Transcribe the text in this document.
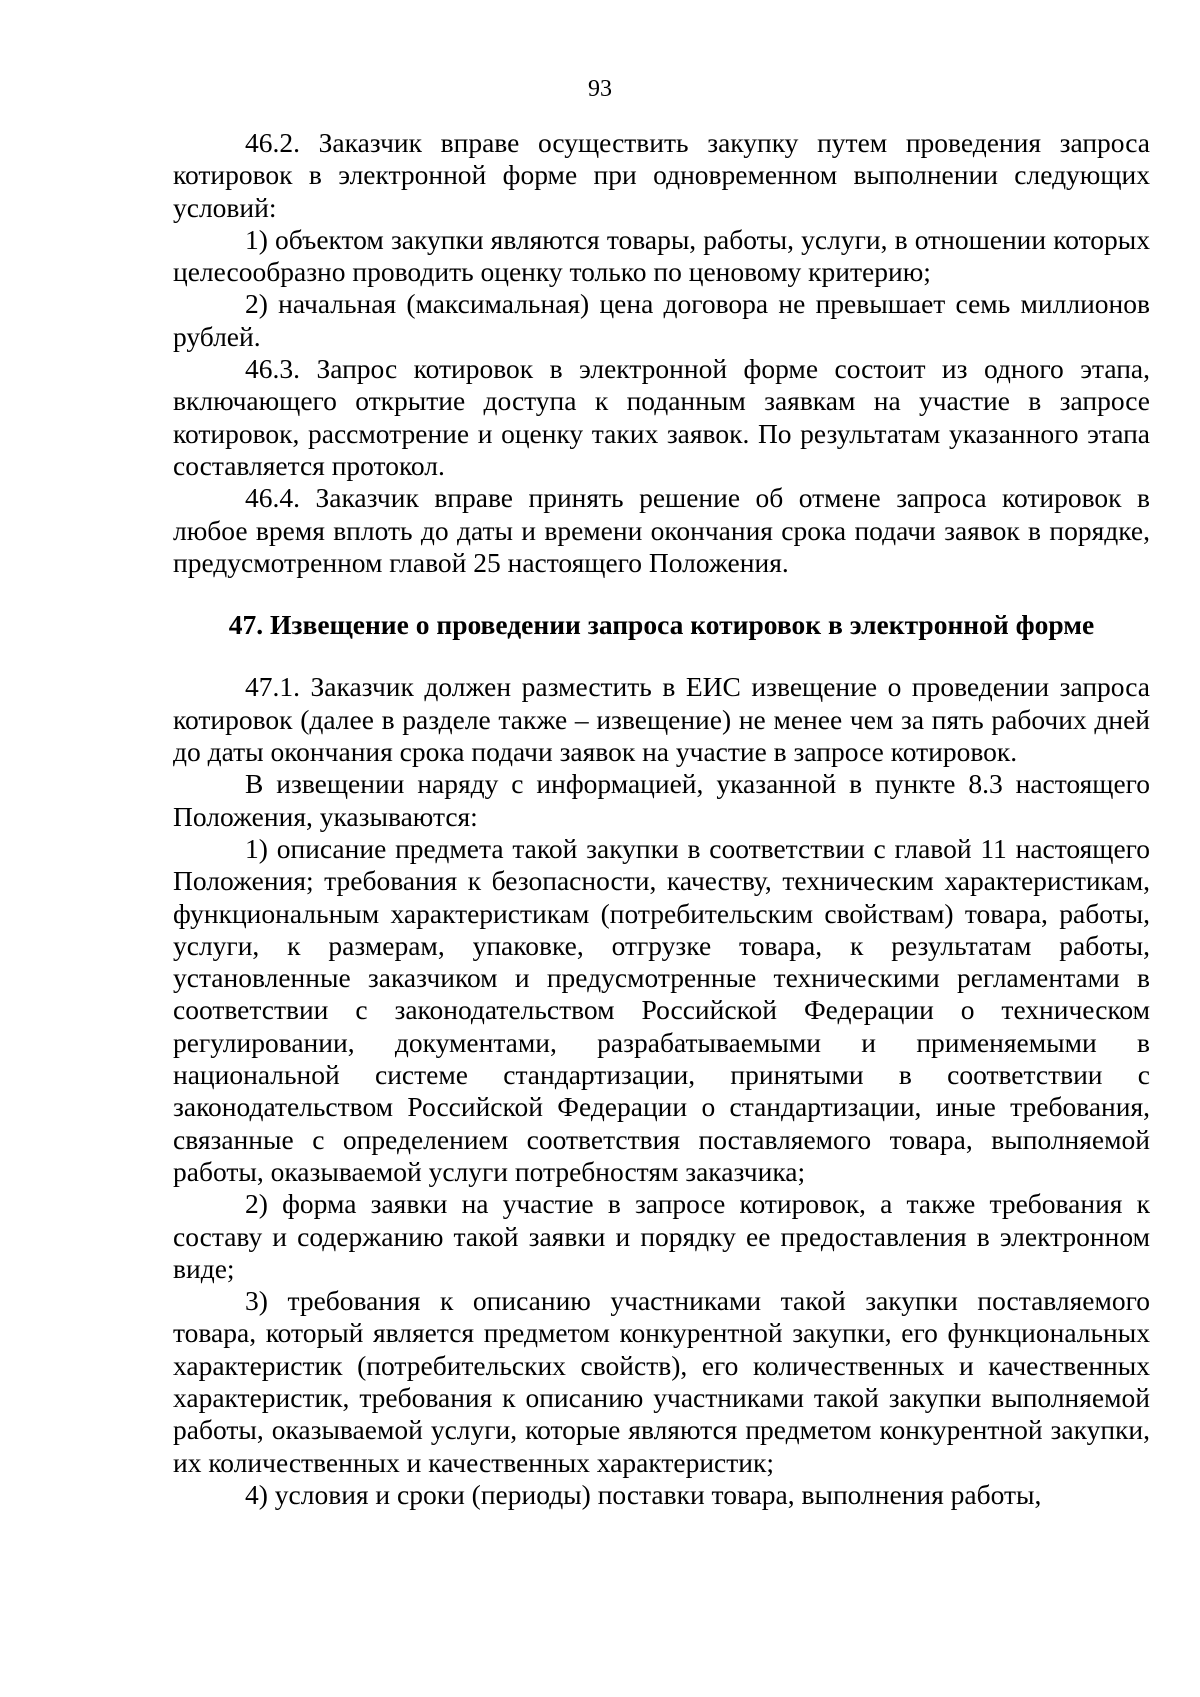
93

46.2. Заказчик вправе осуществить закупку путем проведения запроса котировок в электронной форме при одновременном выполнении следующих условий:

1) объектом закупки являются товары, работы, услуги, в отношении которых целесообразно проводить оценку только по ценовому критерию;

2) начальная (максимальная) цена договора не превышает семь миллионов рублей.

46.3. Запрос котировок в электронной форме состоит из одного этапа, включающего открытие доступа к поданным заявкам на участие в запросе котировок, рассмотрение и оценку таких заявок. По результатам указанного этапа составляется протокол.

46.4. Заказчик вправе принять решение об отмене запроса котировок в любое время вплоть до даты и времени окончания срока подачи заявок в порядке, предусмотренном главой 25 настоящего Положения.

47. Извещение о проведении запроса котировок в электронной форме

47.1. Заказчик должен разместить в ЕИС извещение о проведении запроса котировок (далее в разделе также – извещение) не менее чем за пять рабочих дней до даты окончания срока подачи заявок на участие в запросе котировок.

В извещении наряду с информацией, указанной в пункте 8.3 настоящего Положения, указываются:

1) описание предмета такой закупки в соответствии с главой 11 настоящего Положения; требования к безопасности, качеству, техническим характеристикам, функциональным характеристикам (потребительским свойствам) товара, работы, услуги, к размерам, упаковке, отгрузке товара, к результатам работы, установленные заказчиком и предусмотренные техническими регламентами в соответствии с законодательством Российской Федерации о техническом регулировании, документами, разрабатываемыми и применяемыми в национальной системе стандартизации, принятыми в соответствии с законодательством Российской Федерации о стандартизации, иные требования, связанные с определением соответствия поставляемого товара, выполняемой работы, оказываемой услуги потребностям заказчика;

2) форма заявки на участие в запросе котировок, а также требования к составу и содержанию такой заявки и порядку ее предоставления в электронном виде;

3) требования к описанию участниками такой закупки поставляемого товара, который является предметом конкурентной закупки, его функциональных характеристик (потребительских свойств), его количественных и качественных характеристик, требования к описанию участниками такой закупки выполняемой работы, оказываемой услуги, которые являются предметом конкурентной закупки, их количественных и качественных характеристик;

4) условия и сроки (периоды) поставки товара, выполнения работы,
